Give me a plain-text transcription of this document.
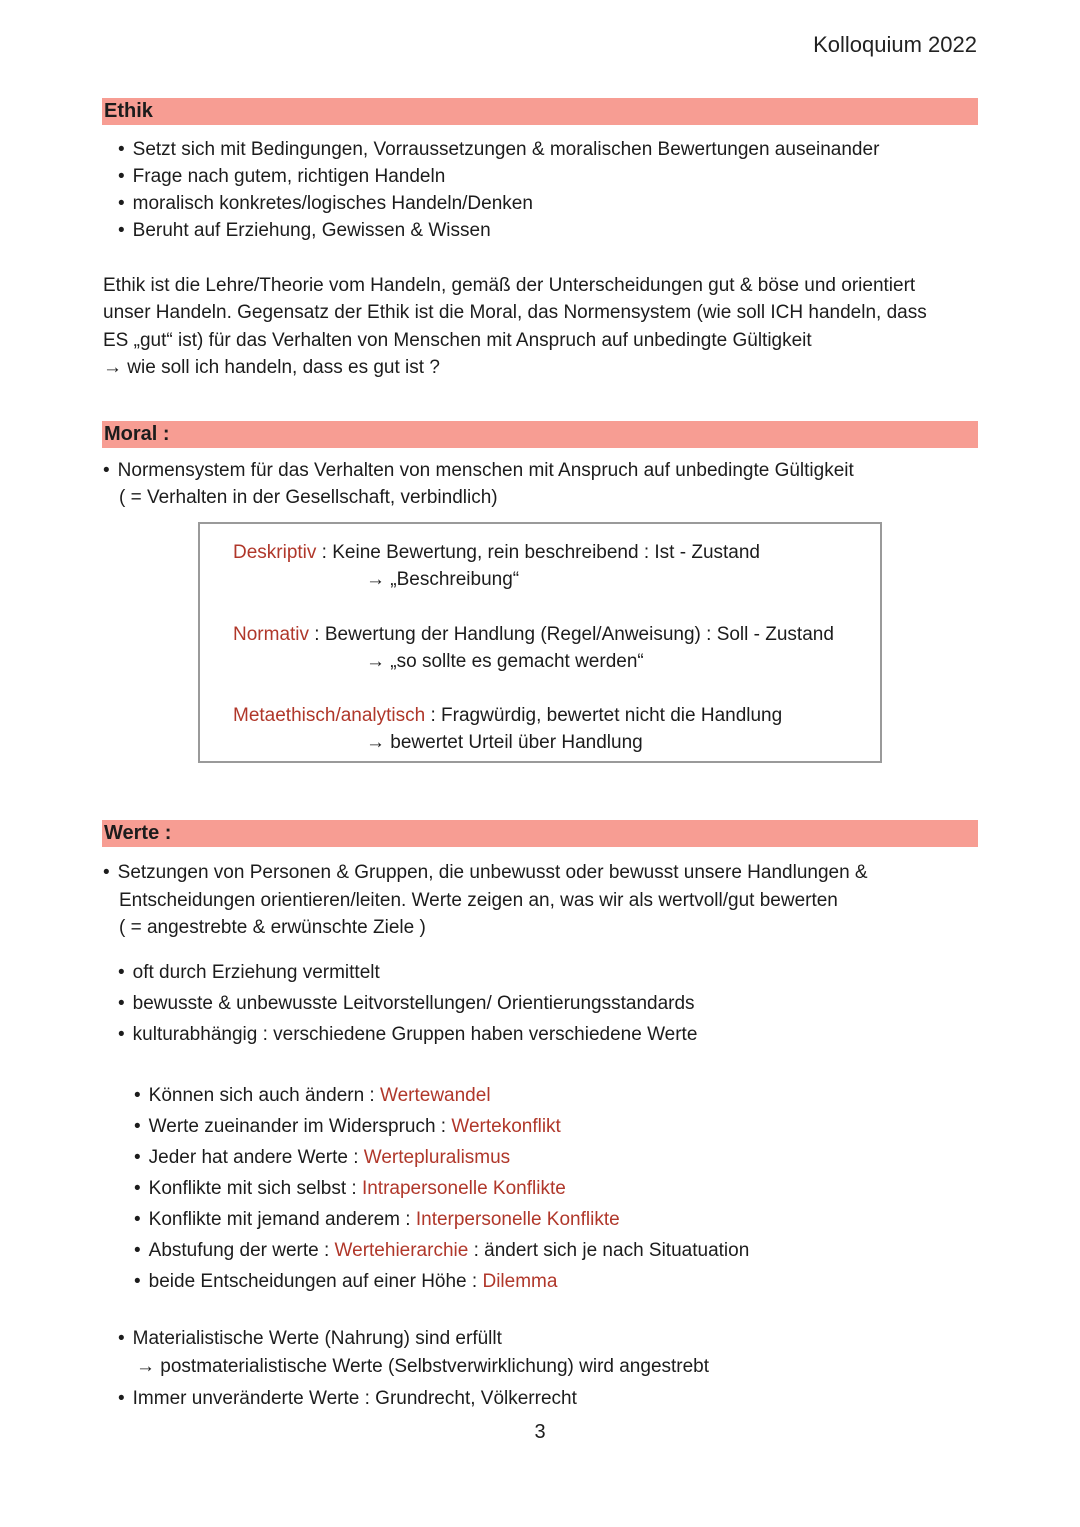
Kolloquium 2022
Ethik
• Setzt sich mit Bedingungen, Vorraussetzungen & moralischen Bewertungen auseinander
• Frage nach gutem, richtigen Handeln
• moralisch konkretes/logisches Handeln/Denken
• Beruht auf Erziehung, Gewissen & Wissen
Ethik ist die Lehre/Theorie vom Handeln, gemäß der Unterscheidungen gut & böse und orientiert
unser Handeln. Gegensatz der Ethik ist die Moral, das Normensystem (wie soll ICH handeln, dass
ES „gut“ ist) für das Verhalten von Menschen mit Anspruch auf unbedingte Gültigkeit
→ wie soll ich handeln, dass es gut ist ?
Moral :
• Normensystem für das Verhalten von menschen mit Anspruch auf unbedingte Gültigkeit
( = Verhalten in der Gesellschaft, verbindlich)
Deskriptiv : Keine Bewertung, rein beschreibend : Ist - Zustand
→ „Beschreibung“
Normativ : Bewertung der Handlung (Regel/Anweisung) : Soll - Zustand
→ „so sollte es gemacht werden“
Metaethisch/analytisch : Fragwürdig, bewertet nicht die Handlung
→ bewertet Urteil über Handlung
Werte :
• Setzungen von Personen & Gruppen, die unbewusst oder bewusst unsere Handlungen &
Entscheidungen orientieren/leiten. Werte zeigen an, was wir als wertvoll/gut bewerten
( = angestrebte & erwünschte Ziele )
• oft durch Erziehung vermittelt
• bewusste & unbewusste Leitvorstellungen/ Orientierungsstandards
• kulturabhängig : verschiedene Gruppen haben verschiedene Werte
• Können sich auch ändern : Wertewandel
• Werte zueinander im Widerspruch : Wertekonflikt
• Jeder hat andere Werte : Wertepluralismus
• Konflikte mit sich selbst : Intrapersonelle Konflikte
• Konflikte mit jemand anderem : Interpersonelle Konflikte
• Abstufung der werte : Wertehierarchie : ändert sich je nach Situatuation
• beide Entscheidungen auf einer Höhe : Dilemma
• Materialistische Werte (Nahrung) sind erfüllt
→ postmaterialistische Werte (Selbstverwirklichung) wird angestrebt
• Immer unveränderte Werte : Grundrecht, Völkerrecht
3
